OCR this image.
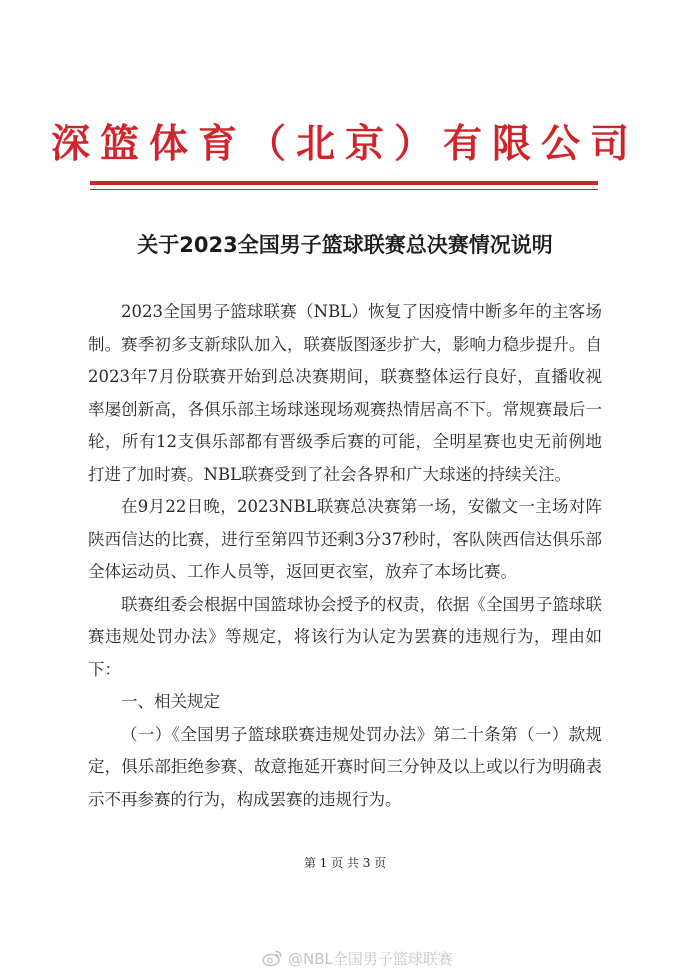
深篮体育（北京）有限公司
关于2023全国男子篮球联赛总决赛情况说明

2023全国男子篮球联赛（NBL）恢复了因疫情中断多年的主客场制。赛季初多支新球队加入，联赛版图逐步扩大，影响力稳步提升。自2023年7月份联赛开始到总决赛期间，联赛整体运行良好，直播收视率屡创新高，各俱乐部主场球迷现场观赛热情居高不下。常规赛最后一轮，所有12支俱乐部都有晋级季后赛的可能，全明星赛也史无前例地打进了加时赛。NBL联赛受到了社会各界和广大球迷的持续关注。

在9月22日晚，2023NBL联赛总决赛第一场，安徽文一主场对阵陕西信达的比赛，进行至第四节还剩3分37秒时，客队陕西信达俱乐部全体运动员、工作人员等，返回更衣室，放弃了本场比赛。

联赛组委会根据中国篮球协会授予的权责，依据《全国男子篮球联赛违规处罚办法》等规定，将该行为认定为罢赛的违规行为，理由如下：

一、相关规定

（一）《全国男子篮球联赛违规处罚办法》第二十条第（一）款规定，俱乐部拒绝参赛、故意拖延开赛时间三分钟及以上或以行为明确表示不再参赛的行为，构成罢赛的违规行为。

第 1 页 共 3 页
@NBL全国男子篮球联赛
